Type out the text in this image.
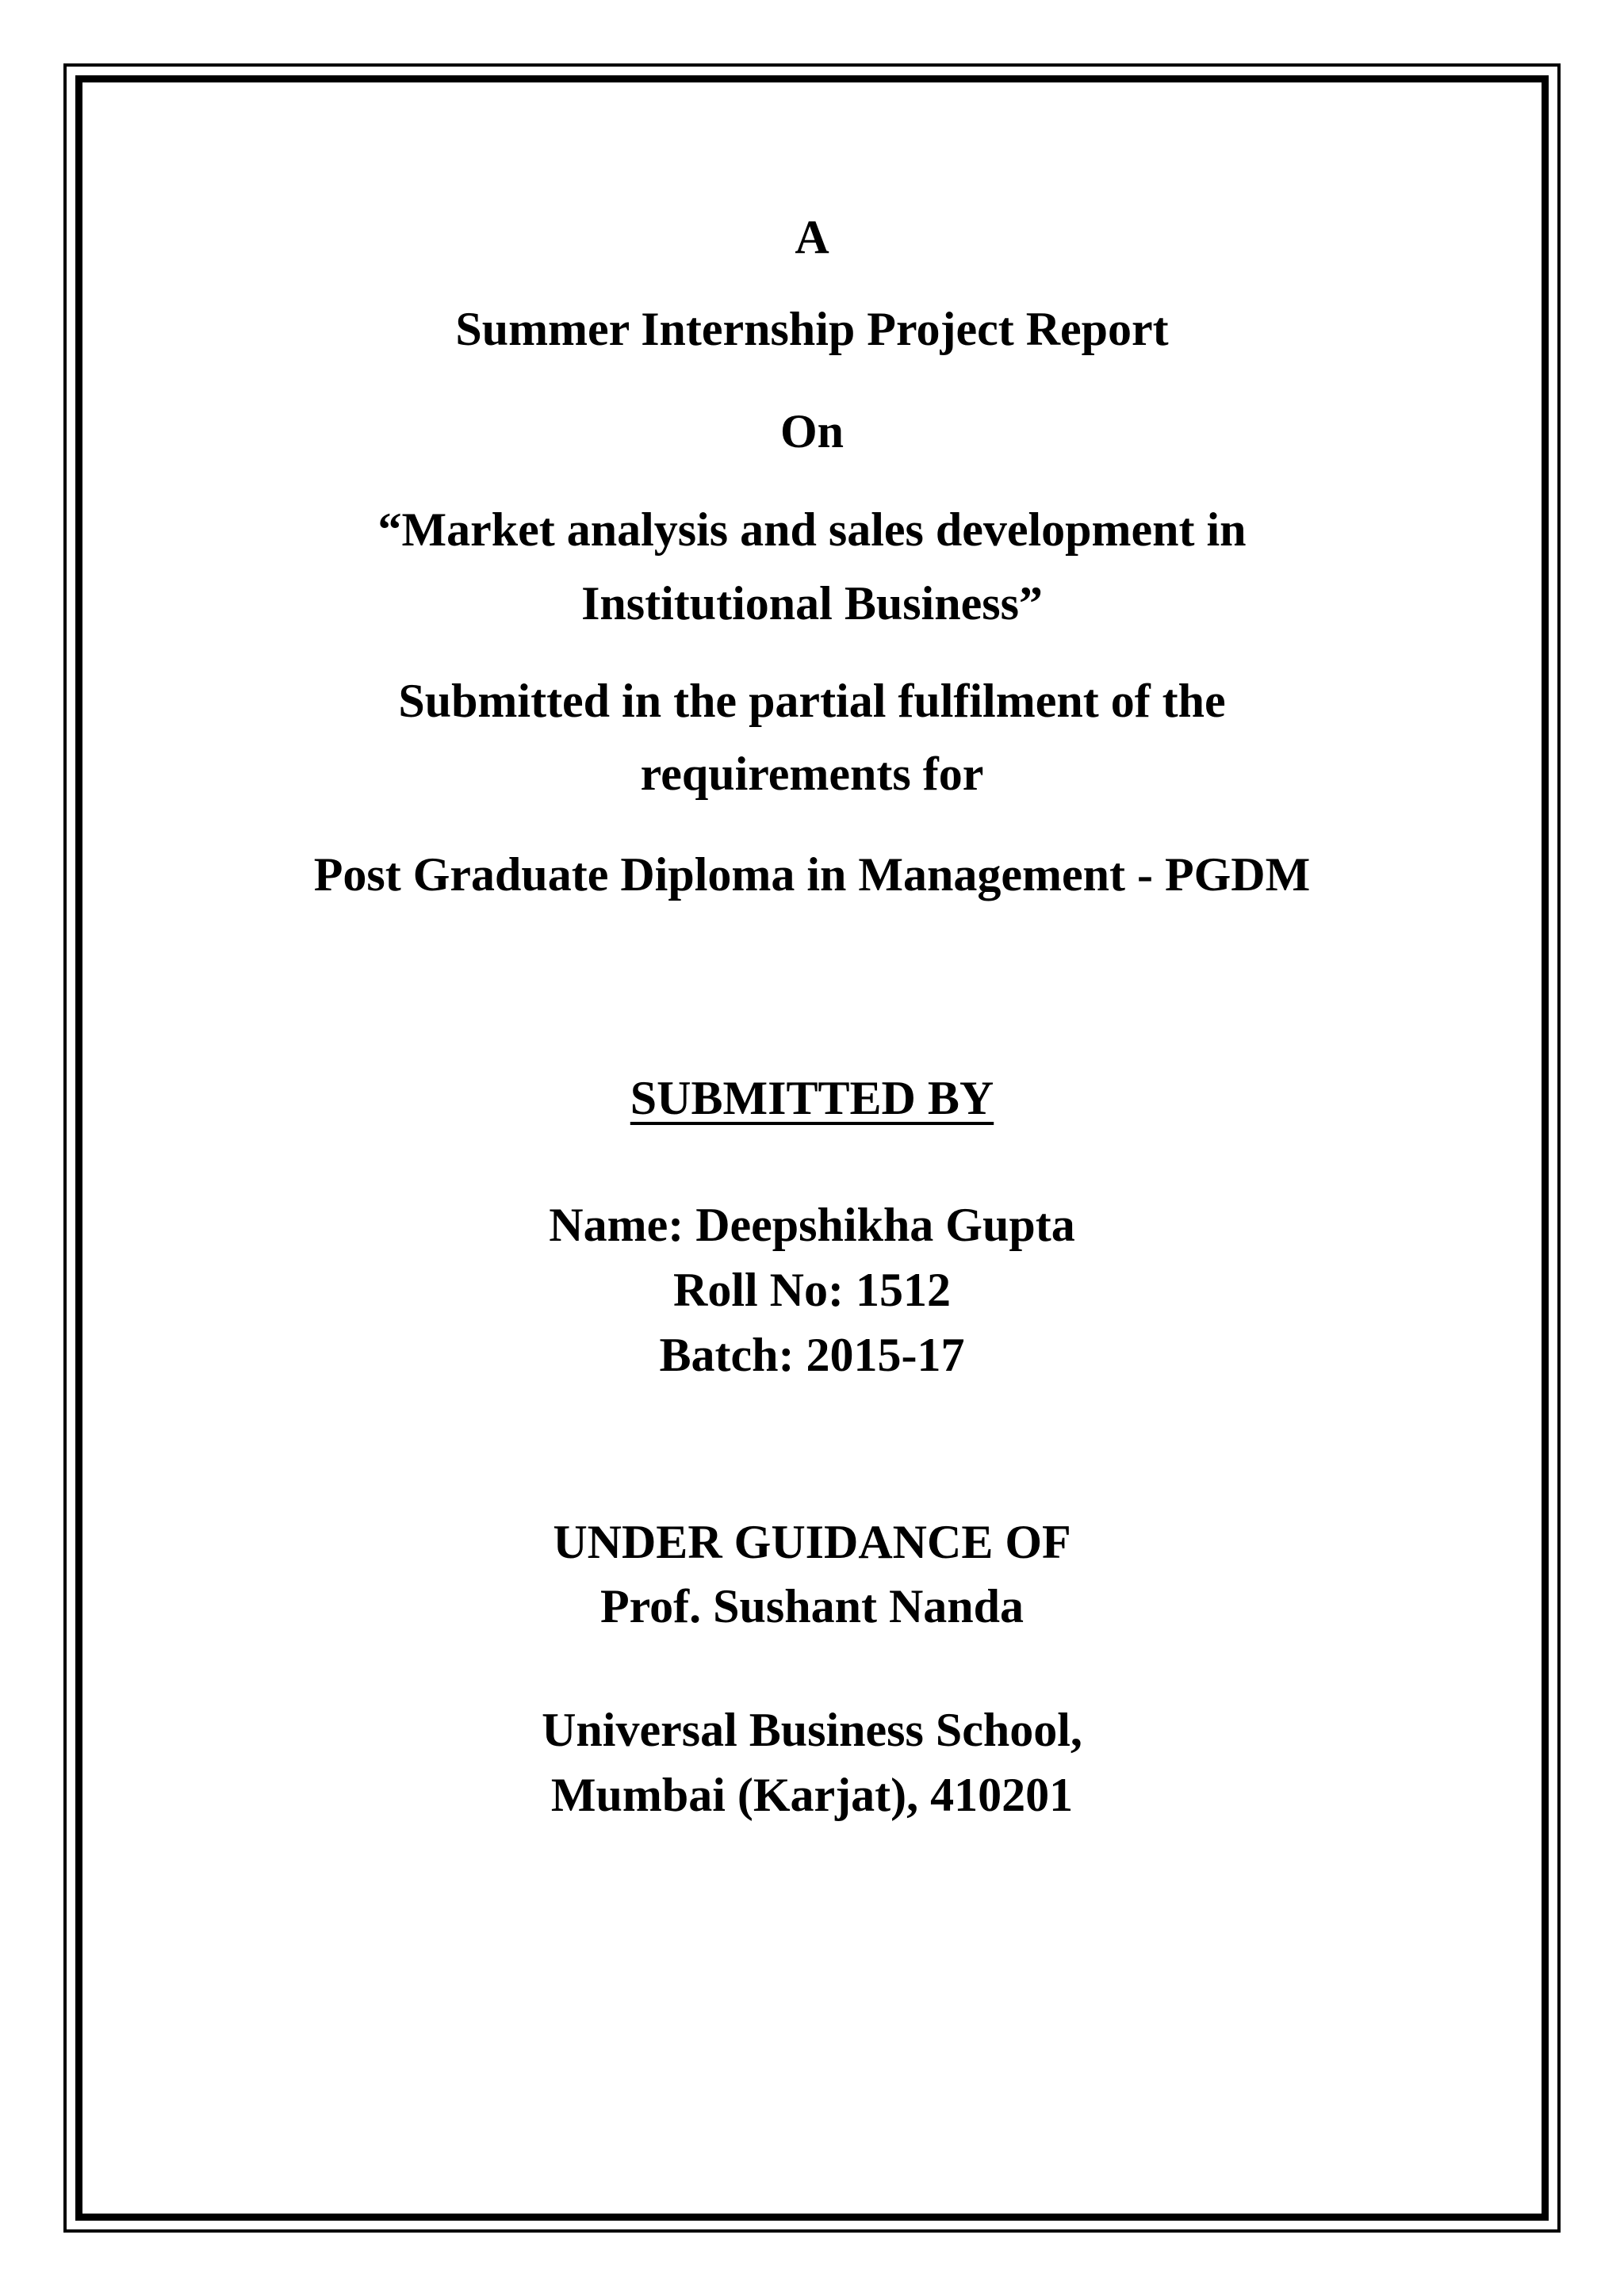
A
Summer Internship Project Report
On
“Market analysis and sales development in
Institutional Business”
Submitted in the partial fulfilment of the
requirements for
Post Graduate Diploma in Management - PGDM
SUBMITTED BY
Name: Deepshikha Gupta
Roll No: 1512
Batch: 2015-17
UNDER GUIDANCE OF
Prof. Sushant Nanda
Universal Business School,
Mumbai (Karjat), 410201
